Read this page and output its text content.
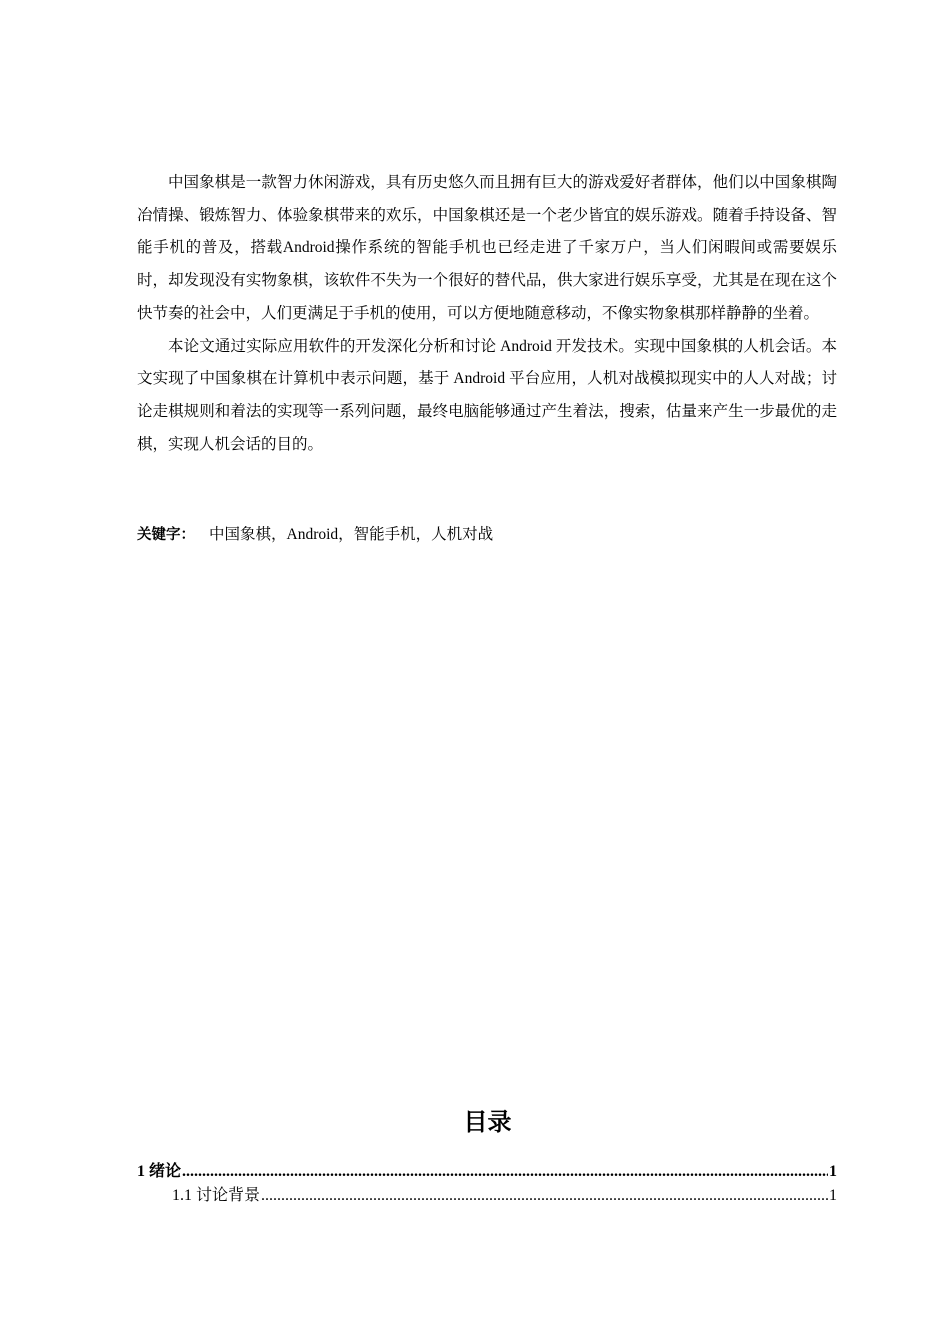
中国象棋是一款智力休闲游戏，具有历史悠久而且拥有巨大的游戏爱好者群体，他们以中国象棋陶冶情操、锻炼智力、体验象棋带来的欢乐，中国象棋还是一个老少皆宜的娱乐游戏。随着手持设备、智能手机的普及，搭载Android操作系统的智能手机也已经走进了千家万户，当人们闲暇间或需要娱乐时，却发现没有实物象棋，该软件不失为一个很好的替代品，供大家进行娱乐享受，尤其是在现在这个快节奏的社会中，人们更满足于手机的使用，可以方便地随意移动，不像实物象棋那样静静的坐着。

本论文通过实际应用软件的开发深化分析和讨论 Android 开发技术。实现中国象棋的人机会话。本文实现了中国象棋在计算机中表示问题，基于 Android 平台应用，人机对战模拟现实中的人人对战；讨论走棋规则和着法的实现等一系列问题，最终电脑能够通过产生着法，搜索，估量来产生一步最优的走棋，实现人机会话的目的。

关键字： 中国象棋，Android，智能手机，人机对战
目录
1 绪论 .....	1
1.1 讨论背景 .....	1
